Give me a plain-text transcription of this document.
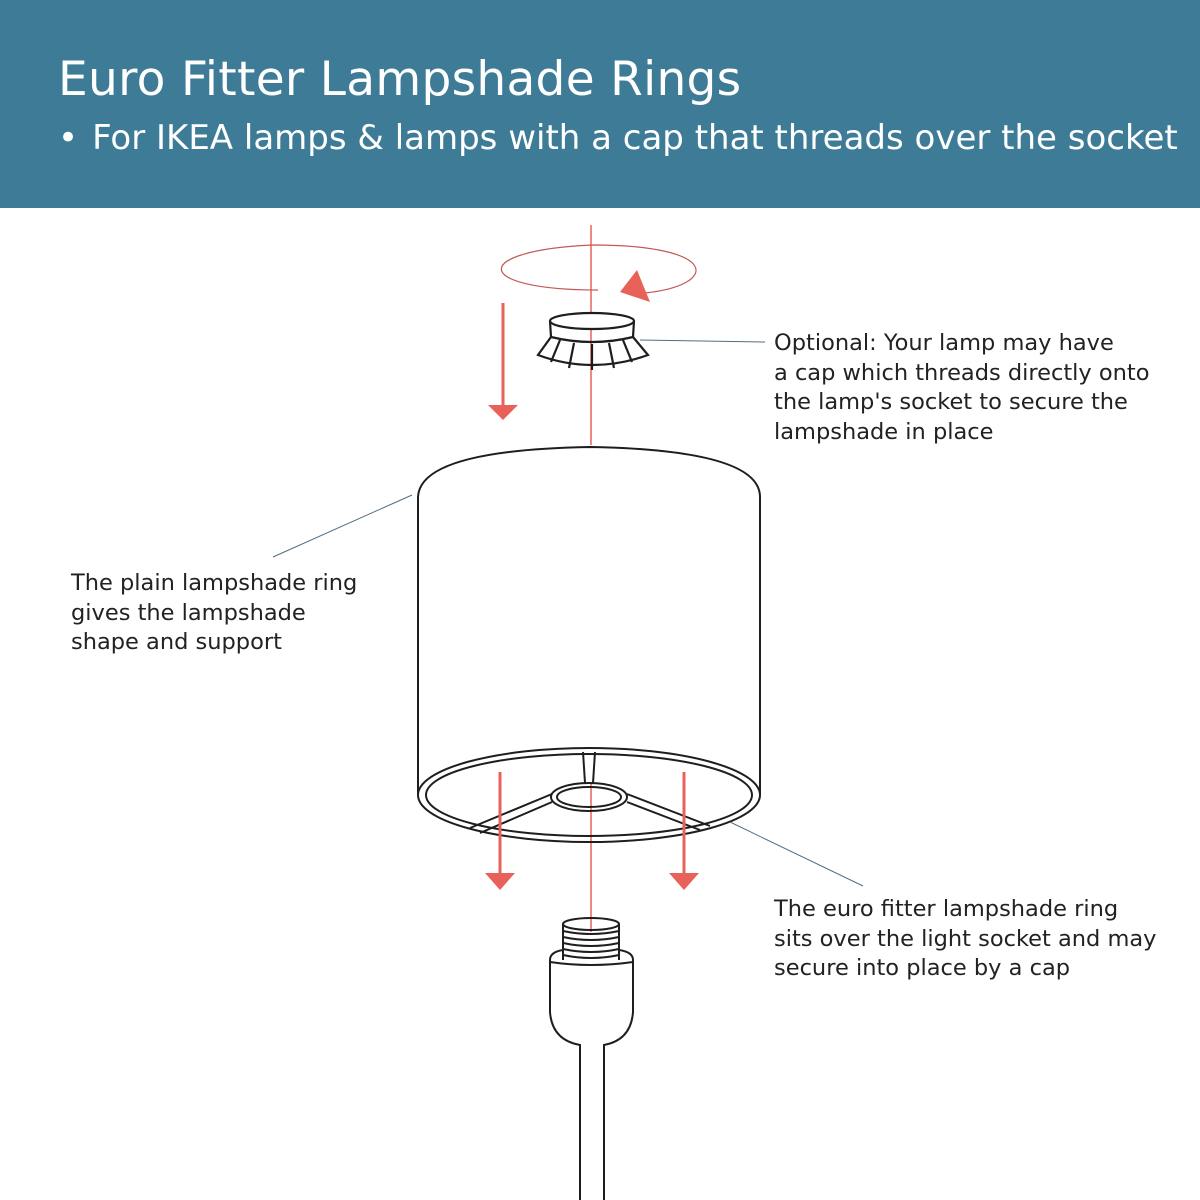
Euro Fitter Lampshade Rings
• For IKEA lamps & lamps with a cap that threads over the socket
Optional: Your lamp may have
a cap which threads directly onto
the lamp's socket to secure the
lampshade in place
The plain lampshade ring
gives the lampshade
shape and support
The euro fitter lampshade ring
sits over the light socket and may
secure into place by a cap
